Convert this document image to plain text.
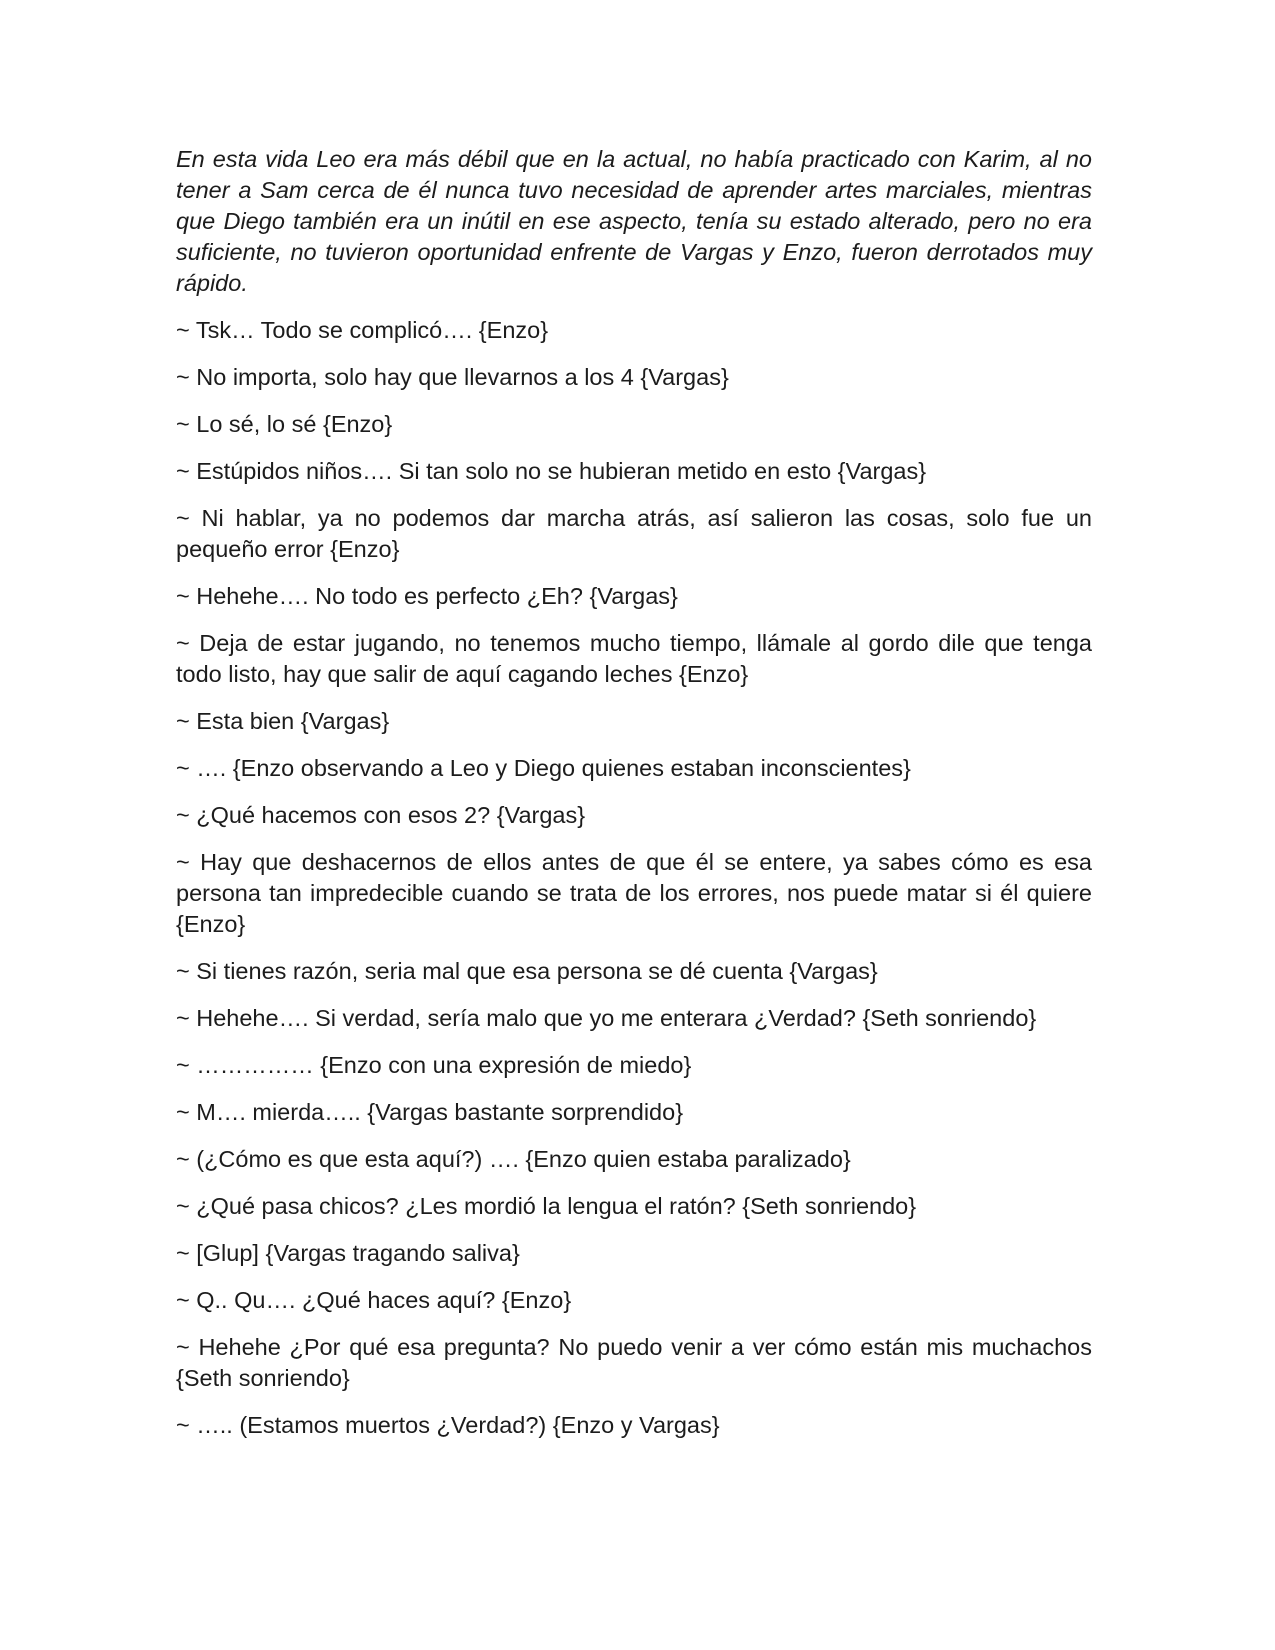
En esta vida Leo era más débil que en la actual, no había practicado con Karim, al no tener a Sam cerca de él nunca tuvo necesidad de aprender artes marciales, mientras que Diego también era un inútil en ese aspecto, tenía su estado alterado, pero no era suficiente, no tuvieron oportunidad enfrente de Vargas y Enzo, fueron derrotados muy rápido.

~ Tsk… Todo se complicó…. {Enzo}

~ No importa, solo hay que llevarnos a los 4 {Vargas}

~ Lo sé, lo sé {Enzo}

~ Estúpidos niños…. Si tan solo no se hubieran metido en esto {Vargas}

~ Ni hablar, ya no podemos dar marcha atrás, así salieron las cosas, solo fue un pequeño error {Enzo}

~ Hehehe…. No todo es perfecto ¿Eh? {Vargas}

~ Deja de estar jugando, no tenemos mucho tiempo, llámale al gordo dile que tenga todo listo, hay que salir de aquí cagando leches {Enzo}

~ Esta bien {Vargas}

~ …. {Enzo observando a Leo y Diego quienes estaban inconscientes}

~ ¿Qué hacemos con esos 2? {Vargas}

~ Hay que deshacernos de ellos antes de que él se entere, ya sabes cómo es esa persona tan impredecible cuando se trata de los errores, nos puede matar si él quiere {Enzo}

~ Si tienes razón, seria mal que esa persona se dé cuenta {Vargas}

~ Hehehe…. Si verdad, sería malo que yo me enterara ¿Verdad? {Seth sonriendo}

~ …………… {Enzo con una expresión de miedo}

~ M…. mierda….. {Vargas bastante sorprendido}

~ (¿Cómo es que esta aquí?) …. {Enzo quien estaba paralizado}

~ ¿Qué pasa chicos? ¿Les mordió la lengua el ratón? {Seth sonriendo}

~ [Glup] {Vargas tragando saliva}

~ Q.. Qu…. ¿Qué haces aquí? {Enzo}

~ Hehehe ¿Por qué esa pregunta? No puedo venir a ver cómo están mis muchachos {Seth sonriendo}

~ ….. (Estamos muertos ¿Verdad?) {Enzo y Vargas}
